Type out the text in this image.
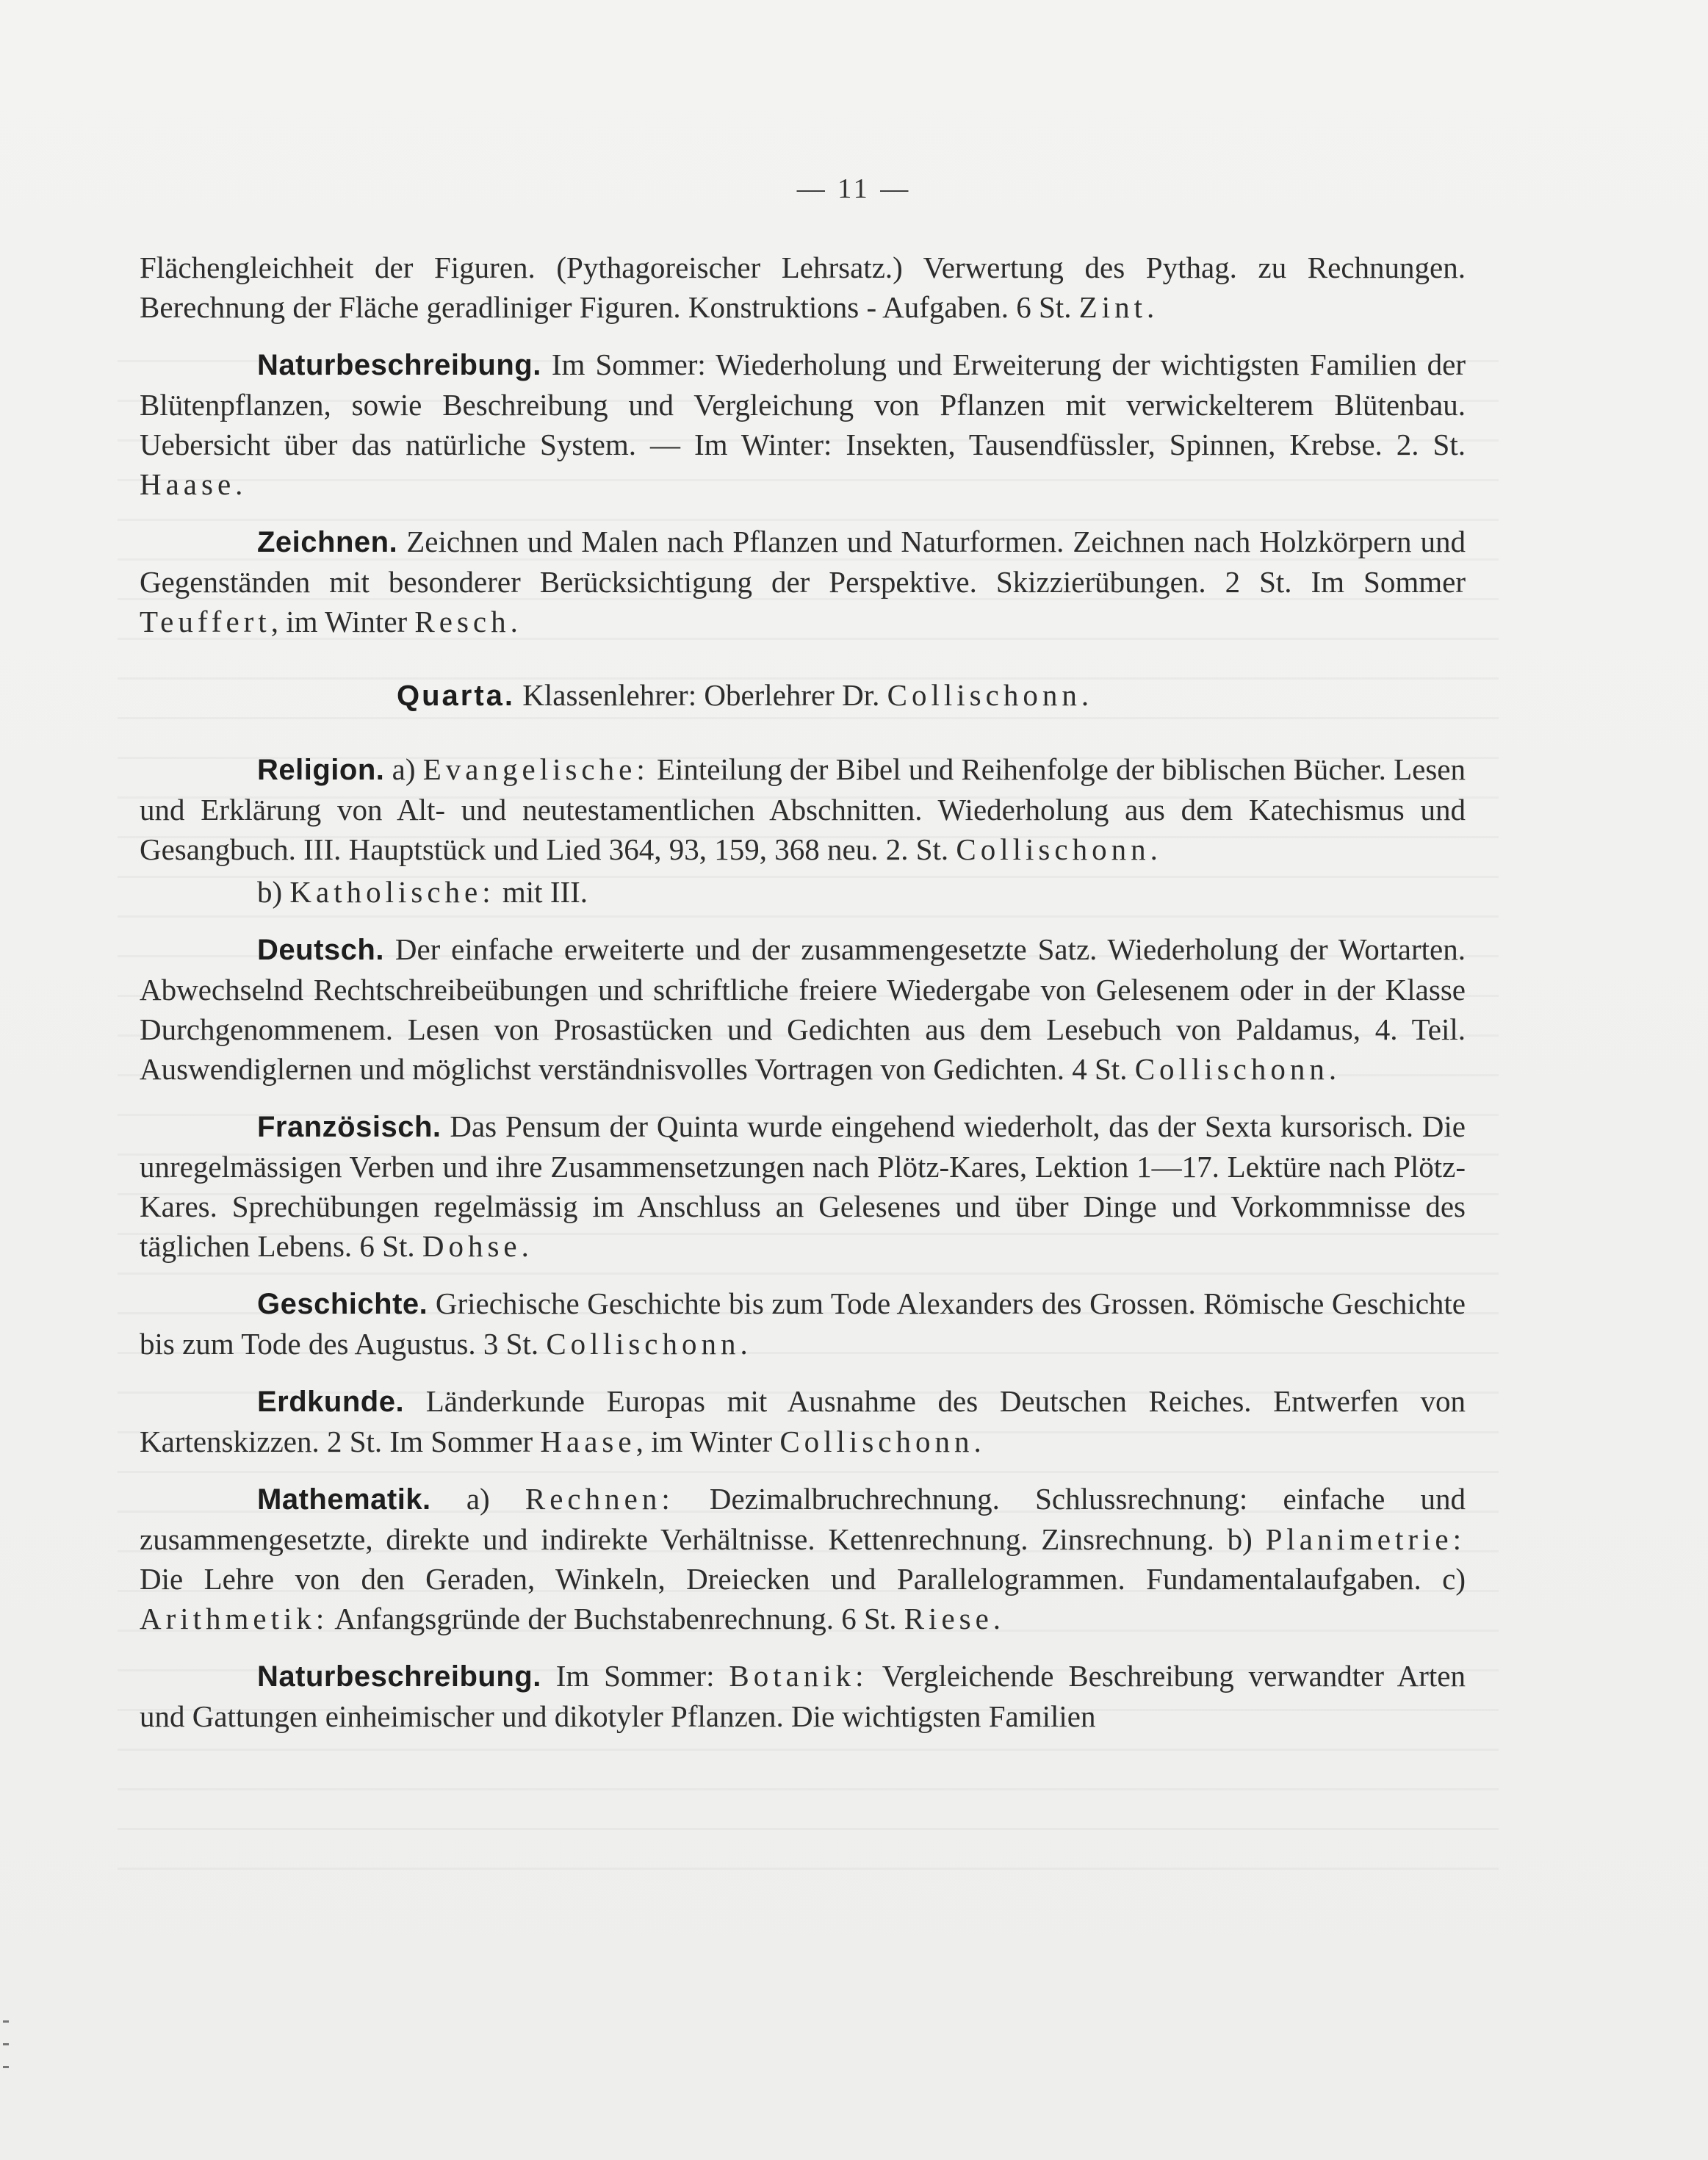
— 11 —

Flächengleichheit der Figuren. (Pythagoreischer Lehrsatz.) Verwertung des Pythag. zu Rechnungen. Berechnung der Fläche geradliniger Figuren. Konstruktions - Aufgaben. 6 St. Zint.

Naturbeschreibung. Im Sommer: Wiederholung und Erweiterung der wichtigsten Familien der Blütenpflanzen, sowie Beschreibung und Vergleichung von Pflanzen mit verwickelterem Blütenbau. Uebersicht über das natürliche System. — Im Winter: Insekten, Tausendfüssler, Spinnen, Krebse. 2. St. Haase.

Zeichnen. Zeichnen und Malen nach Pflanzen und Naturformen. Zeichnen nach Holzkörpern und Gegenständen mit besonderer Berücksichtigung der Perspektive. Skizzierübungen. 2 St. Im Sommer Teuffert, im Winter Resch.

Quarta. Klassenlehrer: Oberlehrer Dr. Collischonn.

Religion. a) Evangelische: Einteilung der Bibel und Reihenfolge der biblischen Bücher. Lesen und Erklärung von Alt- und neutestamentlichen Abschnitten. Wiederholung aus dem Katechismus und Gesangbuch. III. Hauptstück und Lied 364, 93, 159, 368 neu. 2. St. Collischonn.

b) Katholische: mit III.

Deutsch. Der einfache erweiterte und der zusammengesetzte Satz. Wiederholung der Wortarten. Abwechselnd Rechtschreibeübungen und schriftliche freiere Wiedergabe von Gelesenem oder in der Klasse Durchgenommenem. Lesen von Prosastücken und Gedichten aus dem Lesebuch von Paldamus, 4. Teil. Auswendiglernen und möglichst verständnisvolles Vortragen von Gedichten. 4 St. Collischonn.

Französisch. Das Pensum der Quinta wurde eingehend wiederholt, das der Sexta kursorisch. Die unregelmässigen Verben und ihre Zusammensetzungen nach Plötz-Kares, Lektion 1—17. Lektüre nach Plötz-Kares. Sprechübungen regelmässig im Anschluss an Gelesenes und über Dinge und Vorkommnisse des täglichen Lebens. 6 St. Dohse.

Geschichte. Griechische Geschichte bis zum Tode Alexanders des Grossen. Römische Geschichte bis zum Tode des Augustus. 3 St. Collischonn.

Erdkunde. Länderkunde Europas mit Ausnahme des Deutschen Reiches. Entwerfen von Kartenskizzen. 2 St. Im Sommer Haase, im Winter Collischonn.

Mathematik. a) Rechnen: Dezimalbruchrechnung. Schlussrechnung: einfache und zusammengesetzte, direkte und indirekte Verhältnisse. Kettenrechnung. Zinsrechnung. b) Planimetrie: Die Lehre von den Geraden, Winkeln, Dreiecken und Parallelogrammen. Fundamentalaufgaben. c) Arithmetik: Anfangsgründe der Buchstabenrechnung. 6 St. Riese.

Naturbeschreibung. Im Sommer: Botanik: Vergleichende Beschreibung verwandter Arten und Gattungen einheimischer und dikotyler Pflanzen. Die wichtigsten Familien
